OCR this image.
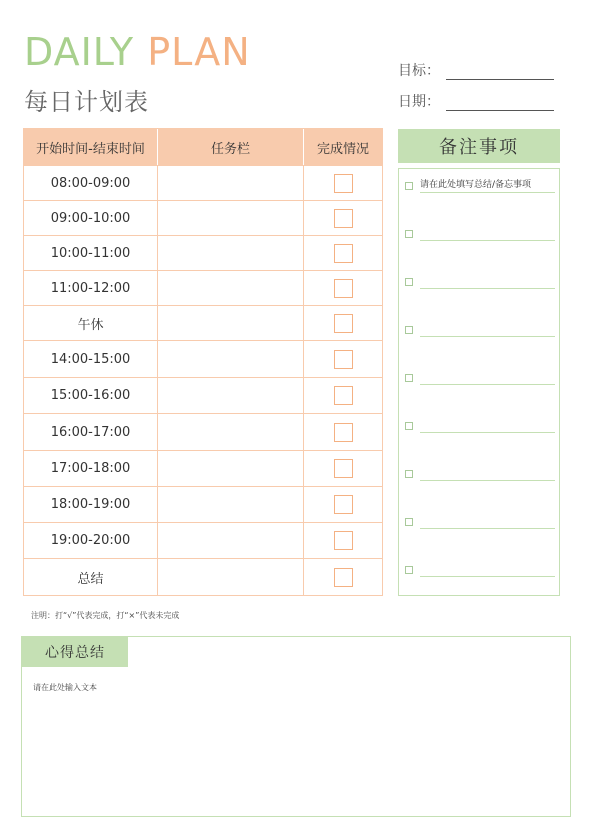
DAILY PLAN
每日计划表
目标：
日期：
开始时间-结束时间	任务栏	完成情况
08:00-09:00
09:00-10:00
10:00-11:00
11:00-12:00
午休
14:00-15:00
15:00-16:00
16:00-17:00
17:00-18:00
18:00-19:00
19:00-20:00
总结
备注事项
请在此处填写总结/备忘事项
注明：打“√”代表完成，打“×”代表未完成
心得总结
请在此处输入文本
